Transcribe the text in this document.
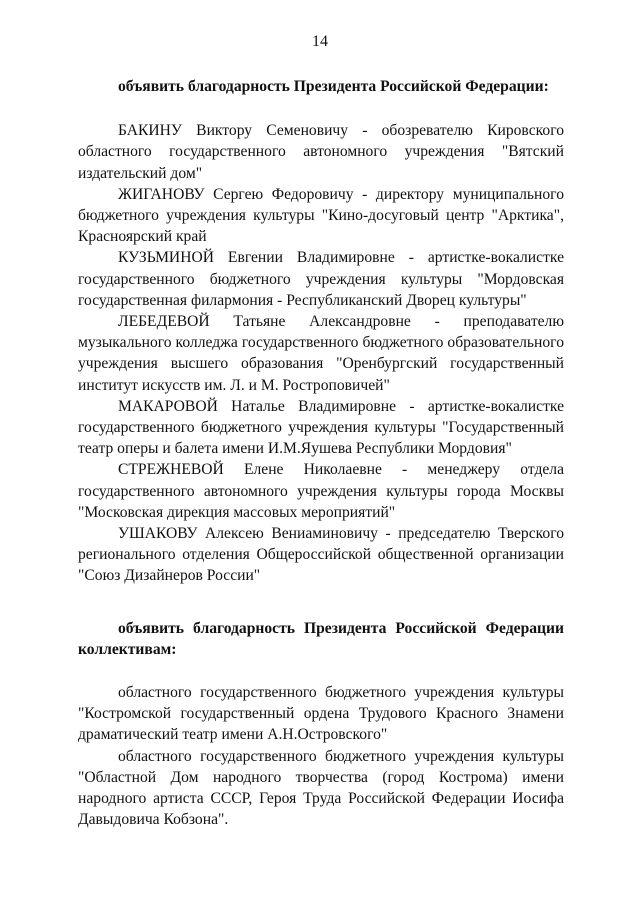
14

объявить благодарность Президента Российской Федерации:

БАКИНУ Виктору Семеновичу - обозревателю Кировского областного государственного автономного учреждения "Вятский издательский дом"

ЖИГАНОВУ Сергею Федоровичу - директору муниципального бюджетного учреждения культуры "Кино-досуговый центр "Арктика", Красноярский край

КУЗЬМИНОЙ Евгении Владимировне - артистке-вокалистке государственного бюджетного учреждения культуры "Мордовская государственная филармония - Республиканский Дворец культуры"

ЛЕБЕДЕВОЙ Татьяне Александровне - преподавателю музыкального колледжа государственного бюджетного образовательного учреждения высшего образования "Оренбургский государственный институт искусств им. Л. и М. Ростроповичей"

МАКАРОВОЙ Наталье Владимировне - артистке-вокалистке государственного бюджетного учреждения культуры "Государственный театр оперы и балета имени И.М.Яушева Республики Мордовия"

СТРЕЖНЕВОЙ Елене Николаевне - менеджеру отдела государственного автономного учреждения культуры города Москвы "Московская дирекция массовых мероприятий"

УШАКОВУ Алексею Вениаминовичу - председателю Тверского регионального отделения Общероссийской общественной организации "Союз Дизайнеров России"

объявить благодарность Президента Российской Федерации коллективам:

областного государственного бюджетного учреждения культуры "Костромской государственный ордена Трудового Красного Знамени драматический театр имени А.Н.Островского"

областного государственного бюджетного учреждения культуры "Областной Дом народного творчества (город Кострома) имени народного артиста СССР, Героя Труда Российской Федерации Иосифа Давыдовича Кобзона".
